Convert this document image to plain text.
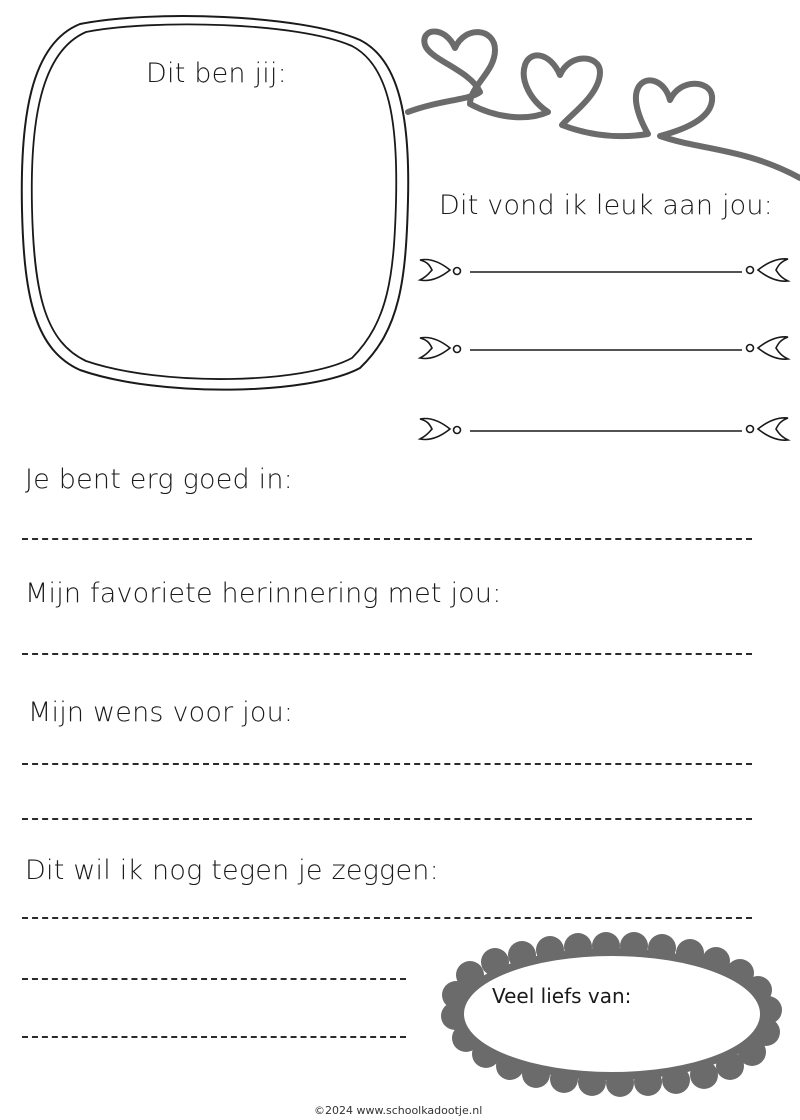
Dit ben jij:
Dit vond ik leuk aan jou:
Je bent erg goed in:
Mijn favoriete herinnering met jou:
Mijn wens voor jou:
Dit wil ik nog tegen je zeggen:
Veel liefs van:
©2024 www.schoolkadootje.nl
